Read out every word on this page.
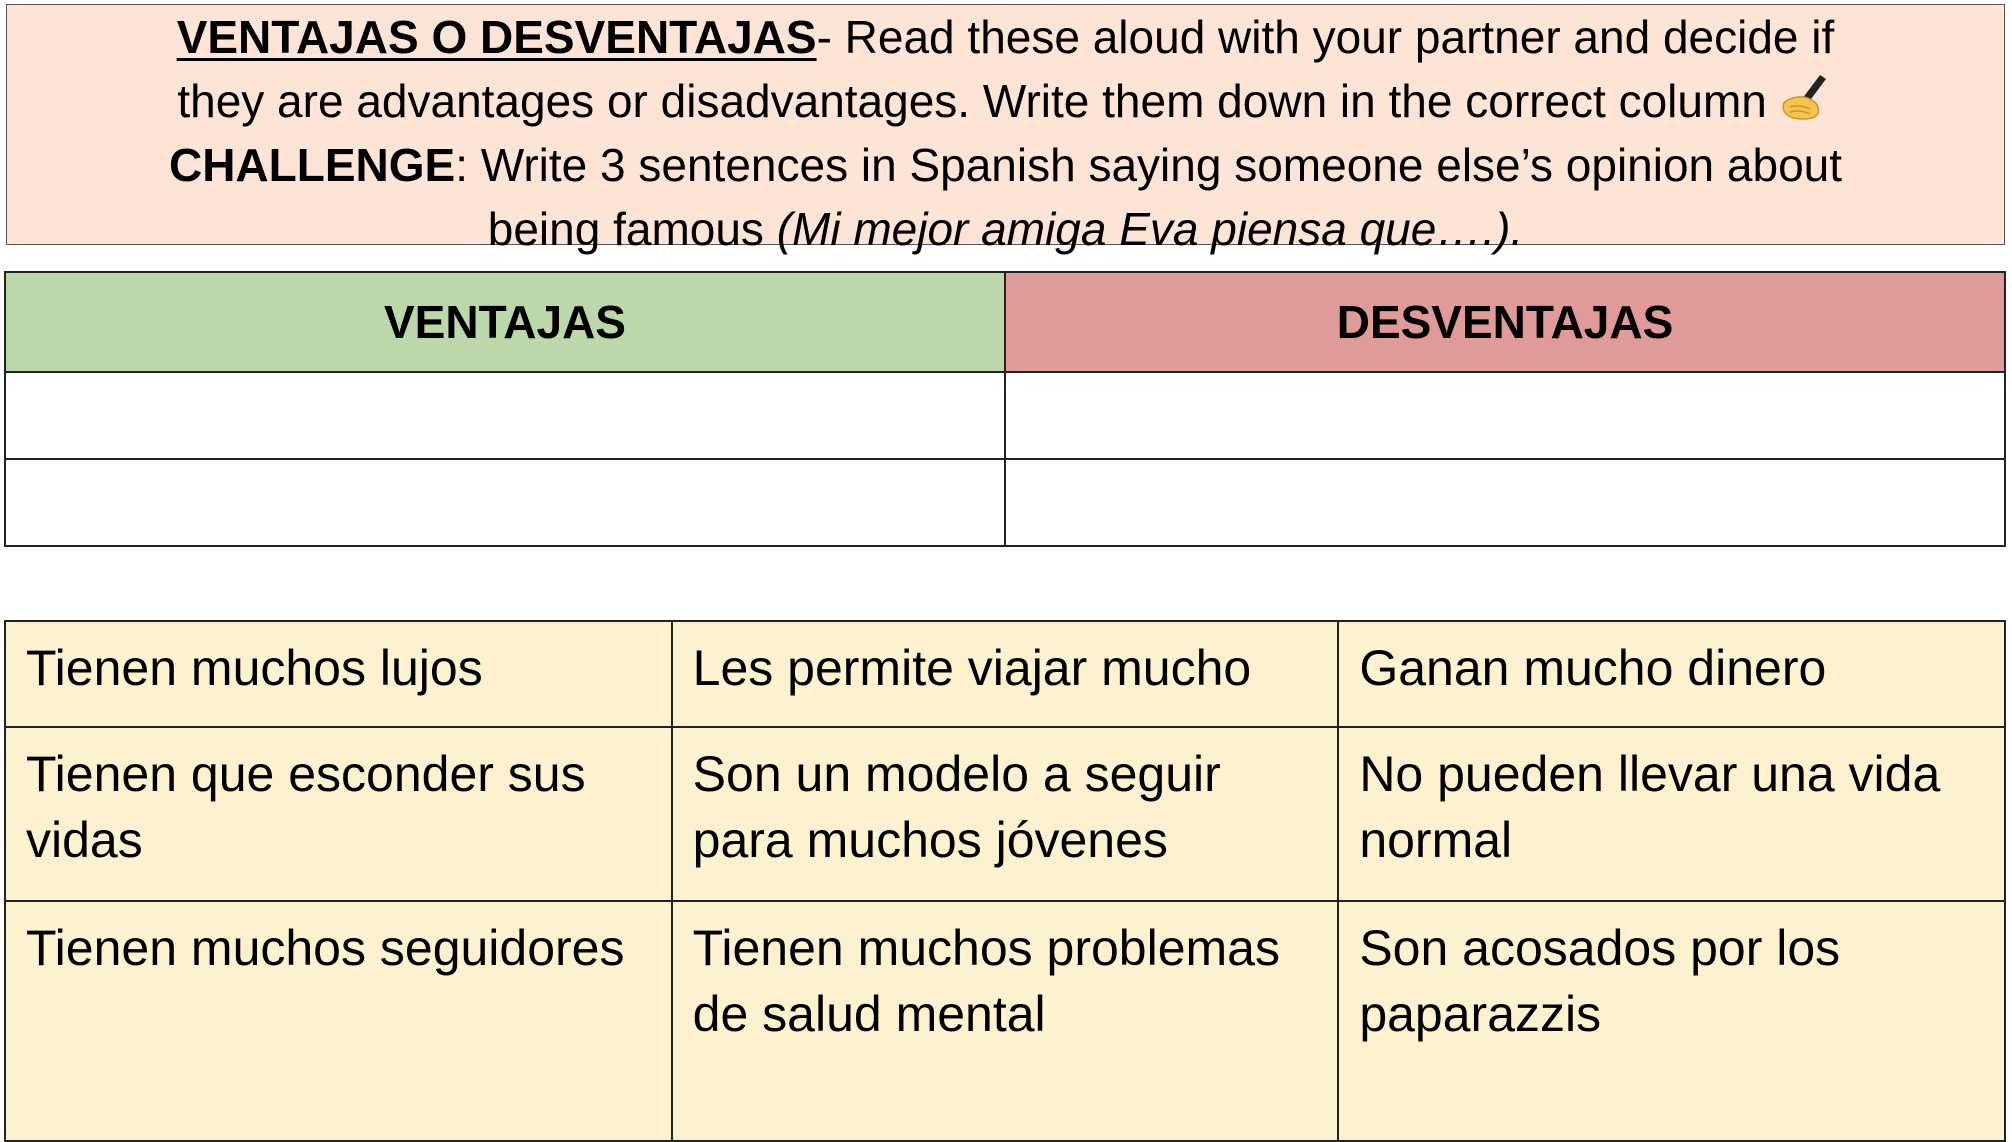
VENTAJAS O DESVENTAJAS- Read these aloud with your partner and decide if
they are advantages or disadvantages. Write them down in the correct column
CHALLENGE: Write 3 sentences in Spanish saying someone else’s opinion about
being famous (Mi mejor amiga Eva piensa que….).
VENTAJAS	DESVENTAJAS

Tienen muchos lujos	Les permite viajar mucho	Ganan mucho dinero
Tienen que esconder sus vidas	Son un modelo a seguir para muchos jóvenes	No pueden llevar una vida normal
Tienen muchos seguidores	Tienen muchos problemas de salud mental	Son acosados por los paparazzis
